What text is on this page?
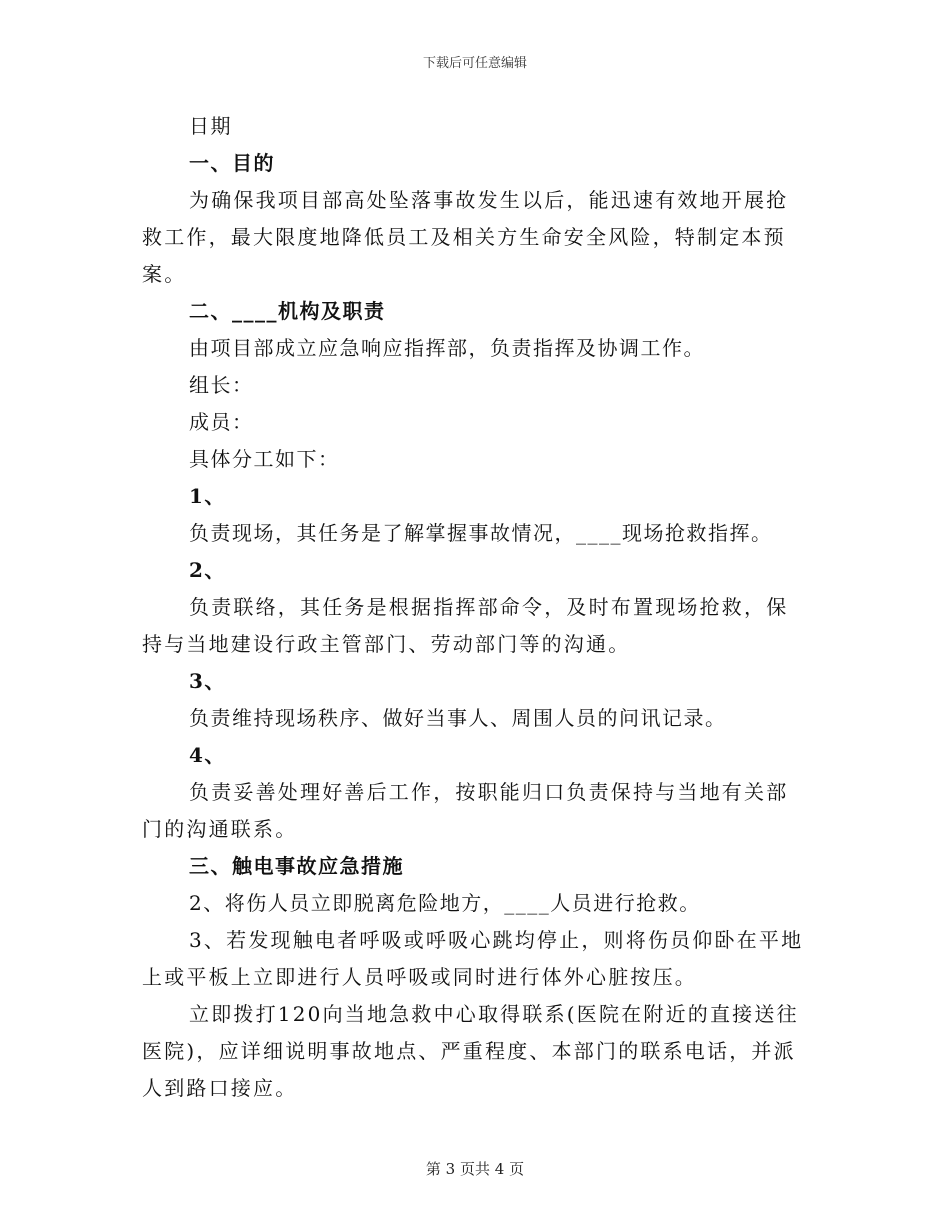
下载后可任意编辑

日期

一、目的

为确保我项目部高处坠落事故发生以后，能迅速有效地开展抢救工作，最大限度地降低员工及相关方生命安全风险，特制定本预案。

二、____机构及职责

由项目部成立应急响应指挥部，负责指挥及协调工作。

组长：

成员：

具体分工如下：

1、

负责现场，其任务是了解掌握事故情况，____现场抢救指挥。

2、

负责联络，其任务是根据指挥部命令，及时布置现场抢救，保持与当地建设行政主管部门、劳动部门等的沟通。

3、

负责维持现场秩序、做好当事人、周围人员的问讯记录。

4、

负责妥善处理好善后工作，按职能归口负责保持与当地有关部门的沟通联系。

三、触电事故应急措施

2、将伤人员立即脱离危险地方，____人员进行抢救。

3、若发现触电者呼吸或呼吸心跳均停止，则将伤员仰卧在平地上或平板上立即进行人员呼吸或同时进行体外心脏按压。

立即拨打120向当地急救中心取得联系(医院在附近的直接送往医院)，应详细说明事故地点、严重程度、本部门的联系电话，并派人到路口接应。

第 3 页共 4 页
